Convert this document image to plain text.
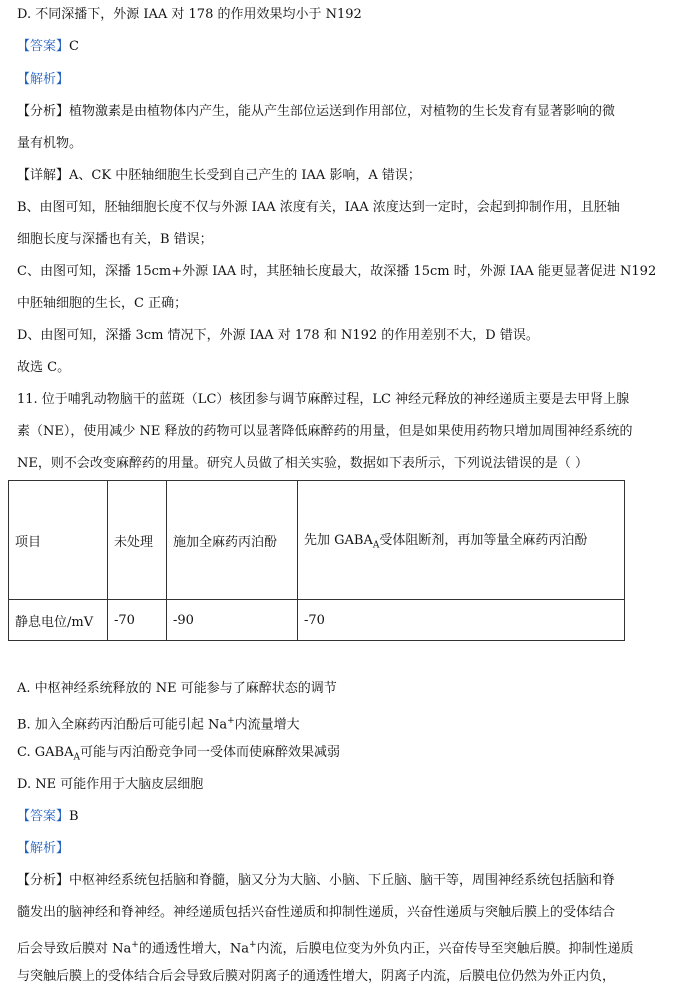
D. 不同深播下，外源 IAA 对 178 的作用效果均小于 N192
【答案】C
【解析】
【分析】植物激素是由植物体内产生，能从产生部位运送到作用部位，对植物的生长发育有显著影响的微
量有机物。
【详解】A、CK 中胚轴细胞生长受到自己产生的 IAA 影响，A 错误；
B、由图可知，胚轴细胞长度不仅与外源 IAA 浓度有关，IAA 浓度达到一定时，会起到抑制作用，且胚轴
细胞长度与深播也有关，B 错误；
C、由图可知，深播 15cm+外源 IAA 时，其胚轴长度最大，故深播 15cm 时，外源 IAA 能更显著促进 N192
中胚轴细胞的生长，C 正确；
D、由图可知，深播 3cm 情况下，外源 IAA 对 178 和 N192 的作用差别不大，D 错误。
故选 C。
11. 位于哺乳动物脑干的蓝斑（LC）核团参与调节麻醉过程，LC 神经元释放的神经递质主要是去甲肾上腺
素（NE），使用减少 NE 释放的药物可以显著降低麻醉药的用量，但是如果使用药物只增加周围神经系统的
NE，则不会改变麻醉药的用量。研究人员做了相关实验，数据如下表所示，下列说法错误的是（ ）
项目	未处理	施加全麻药丙泊酚	先加 $GABA_A$受体阻断剂，再加等量全麻药丙泊酚
静息电位/mV	-70	-90	-70
A. 中枢神经系统释放的 NE 可能参与了麻醉状态的调节
B. 加入全麻药丙泊酚后可能引起 Na+内流量增大
C. $GABA_A$可能与丙泊酚竞争同一受体而使麻醉效果减弱
D. NE 可能作用于大脑皮层细胞
【答案】B
【解析】
【分析】中枢神经系统包括脑和脊髓，脑又分为大脑、小脑、下丘脑、脑干等，周围神经系统包括脑和脊
髓发出的脑神经和脊神经。神经递质包括兴奋性递质和抑制性递质，兴奋性递质与突触后膜上的受体结合
后会导致后膜对 Na+的通透性增大，Na+内流，后膜电位变为外负内正，兴奋传导至突触后膜。抑制性递质
与突触后膜上的受体结合后会导致后膜对阴离子的通透性增大，阴离子内流，后膜电位仍然为外正内负，
